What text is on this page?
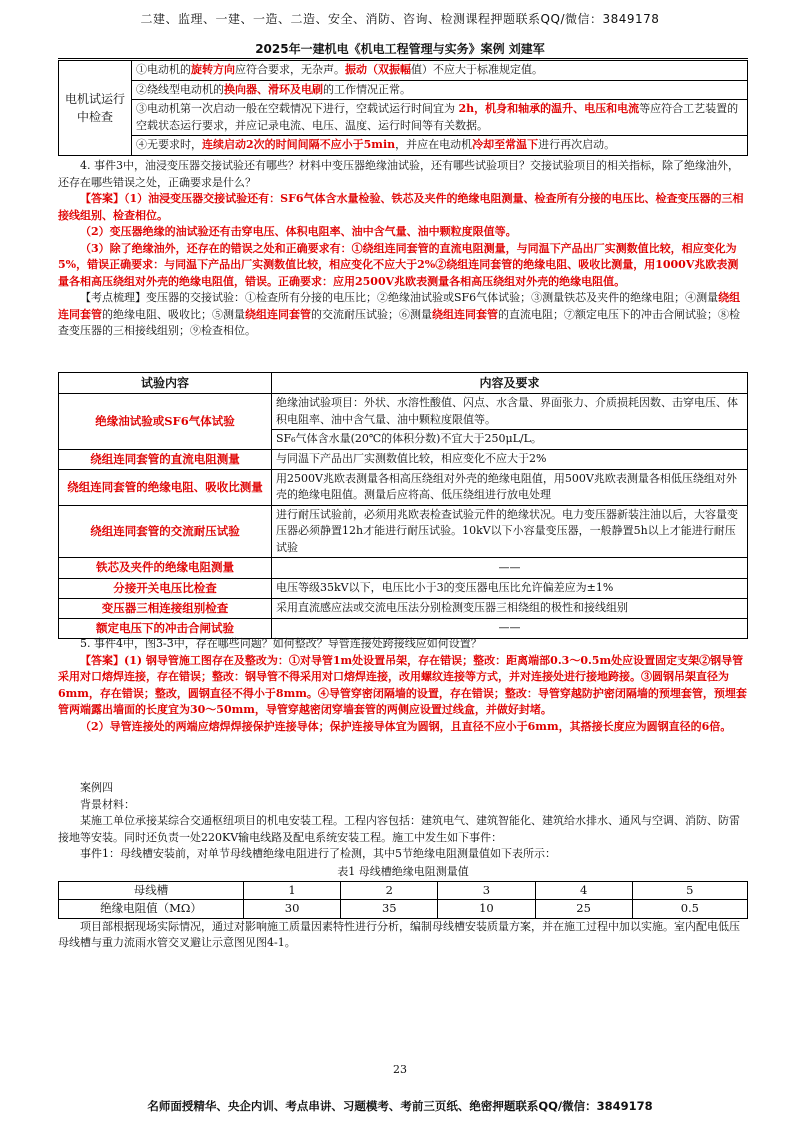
二建、监理、一建、一造、二造、安全、消防、咨询、检测课程押题联系QQ/微信：3849178
2025年一建机电《机电工程管理与实务》案例 刘建军
电机试运行中检查	①电动机的旋转方向应符合要求，无杂声。振动（双振幅值）不应大于标准规定值。
②绕线型电动机的换向器、滑环及电刷的工作情况正常。
③电动机第一次启动一般在空载情况下进行，空载试运行时间宜为 2h，机身和轴承的温升、电压和电流等应符合工艺装置的空载状态运行要求，并应记录电流、电压、温度、运行时间等有关数据。
④无要求时，连续启动2次的时间间隔不应小于5min，并应在电动机冷却至常温下进行再次启动。

4. 事件3中，油浸变压器交接试验还有哪些？材料中变压器绝缘油试验，还有哪些试验项目？交接试验项目的相关指标，除了绝缘油外，还存在哪些错误之处，正确要求是什么？

【答案】（1）油浸变压器交接试验还有：SF6气体含水量检验、铁芯及夹件的绝缘电阻测量、检查所有分接的电压比、检查变压器的三相接线组别、检查相位。

（2）变压器绝缘的油试验还有击穿电压、体积电阻率、油中含气量、油中颗粒度限值等。

（3）除了绝缘油外，还存在的错误之处和正确要求有：①绕组连同套管的直流电阻测量，与同温下产品出厂实测数值比较，相应变化为5%，错误正确要求：与同温下产品出厂实测数值比较，相应变化不应大于2%②绕组连同套管的绝缘电阻、吸收比测量，用1000V兆欧表测量各相高压绕组对外壳的绝缘电阻值，错误。正确要求：应用2500V兆欧表测量各相高压绕组对外壳的绝缘电阻值。

【考点梳理】变压器的交接试验：①检查所有分接的电压比；②绝缘油试验或SF6气体试验；③测量铁芯及夹件的绝缘电阻；④测量绕组连同套管的绝缘电阻、吸收比；⑤测量绕组连同套管的交流耐压试验；⑥测量绕组连同套管的直流电阻；⑦额定电压下的冲击合闸试验；⑧检查变压器的三相接线组别；⑨检查相位。

试验内容	内容及要求
绝缘油试验或SF6气体试验	绝缘油试验项目：外状、水溶性酸值、闪点、水含量、界面张力、介质损耗因数、击穿电压、体积电阻率、油中含气量、油中颗粒度限值等。
	SF₆气体含水量(20℃的体积分数)不宜大于250μL/L。
绕组连同套管的直流电阻测量	与同温下产品出厂实测数值比较，相应变化不应大于2%
绕组连同套管的绝缘电阻、吸收比测量	用2500V兆欧表测量各相高压绕组对外壳的绝缘电阻值，用500V兆欧表测量各相低压绕组对外壳的绝缘电阻值。测量后应将高、低压绕组进行放电处理
绕组连同套管的交流耐压试验	进行耐压试验前，必须用兆欧表检查试验元件的绝缘状况。电力变压器新装注油以后，大容量变压器必须静置12h才能进行耐压试验。10kV以下小容量变压器，一般静置5h以上才能进行耐压试验
铁芯及夹件的绝缘电阻测量	——
分接开关电压比检查	电压等级35kV以下，电压比小于3的变压器电压比允许偏差应为±1%
变压器三相连接组别检查	采用直流感应法或交流电压法分别检测变压器三相绕组的极性和接线组别
额定电压下的冲击合闸试验	——

5. 事件4中，图3-3中，存在哪些问题？如何整改？导管连接处跨接线应如何设置？

【答案】(1) 钢导管施工图存在及整改为：①对导管1m处设置吊架，存在错误；整改：距离端部0.3～0.5m处应设置固定支架②钢导管采用对口熔焊连接，存在错误；整改：钢导管不得采用对口熔焊连接，改用螺纹连接等方式，并对连接处进行接地跨接。③圆钢吊架直径为6mm，存在错误；整改，圆钢直径不得小于8mm。④导管穿密闭隔墙的设置，存在错误；整改：导管穿越防护密闭隔墙的预埋套管，预埋套管两端露出墙面的长度宜为30～50mm，导管穿越密闭穿墙套管的两侧应设置过线盒，并做好封堵。

（2）导管连接处的两端应熔焊焊接保护连接导体；保护连接导体宜为圆钢，且直径不应小于6mm，其搭接长度应为圆钢直径的6倍。

案例四

背景材料：

某施工单位承接某综合交通枢纽项目的机电安装工程。工程内容包括：建筑电气、建筑智能化、建筑给水排水、通风与空调、消防、防雷接地等安装。同时还负责一处220KV输电线路及配电系统安装工程。施工中发生如下事件：

事件1：母线槽安装前，对单节母线槽绝缘电阻进行了检测，其中5节绝缘电阻测量值如下表所示：

表1 母线槽绝缘电阻测量值
母线槽	1	2	3	4	5
绝缘电阻值（MΩ）	30	35	10	25	0.5

项目部根据现场实际情况，通过对影响施工质量因素特性进行分析，编制母线槽安装质量方案，并在施工过程中加以实施。室内配电低压母线槽与重力流雨水管交叉避让示意图见图4-1。

23
名师面授精华、央企内训、考点串讲、习题模考、考前三页纸、绝密押题联系QQ/微信：3849178
